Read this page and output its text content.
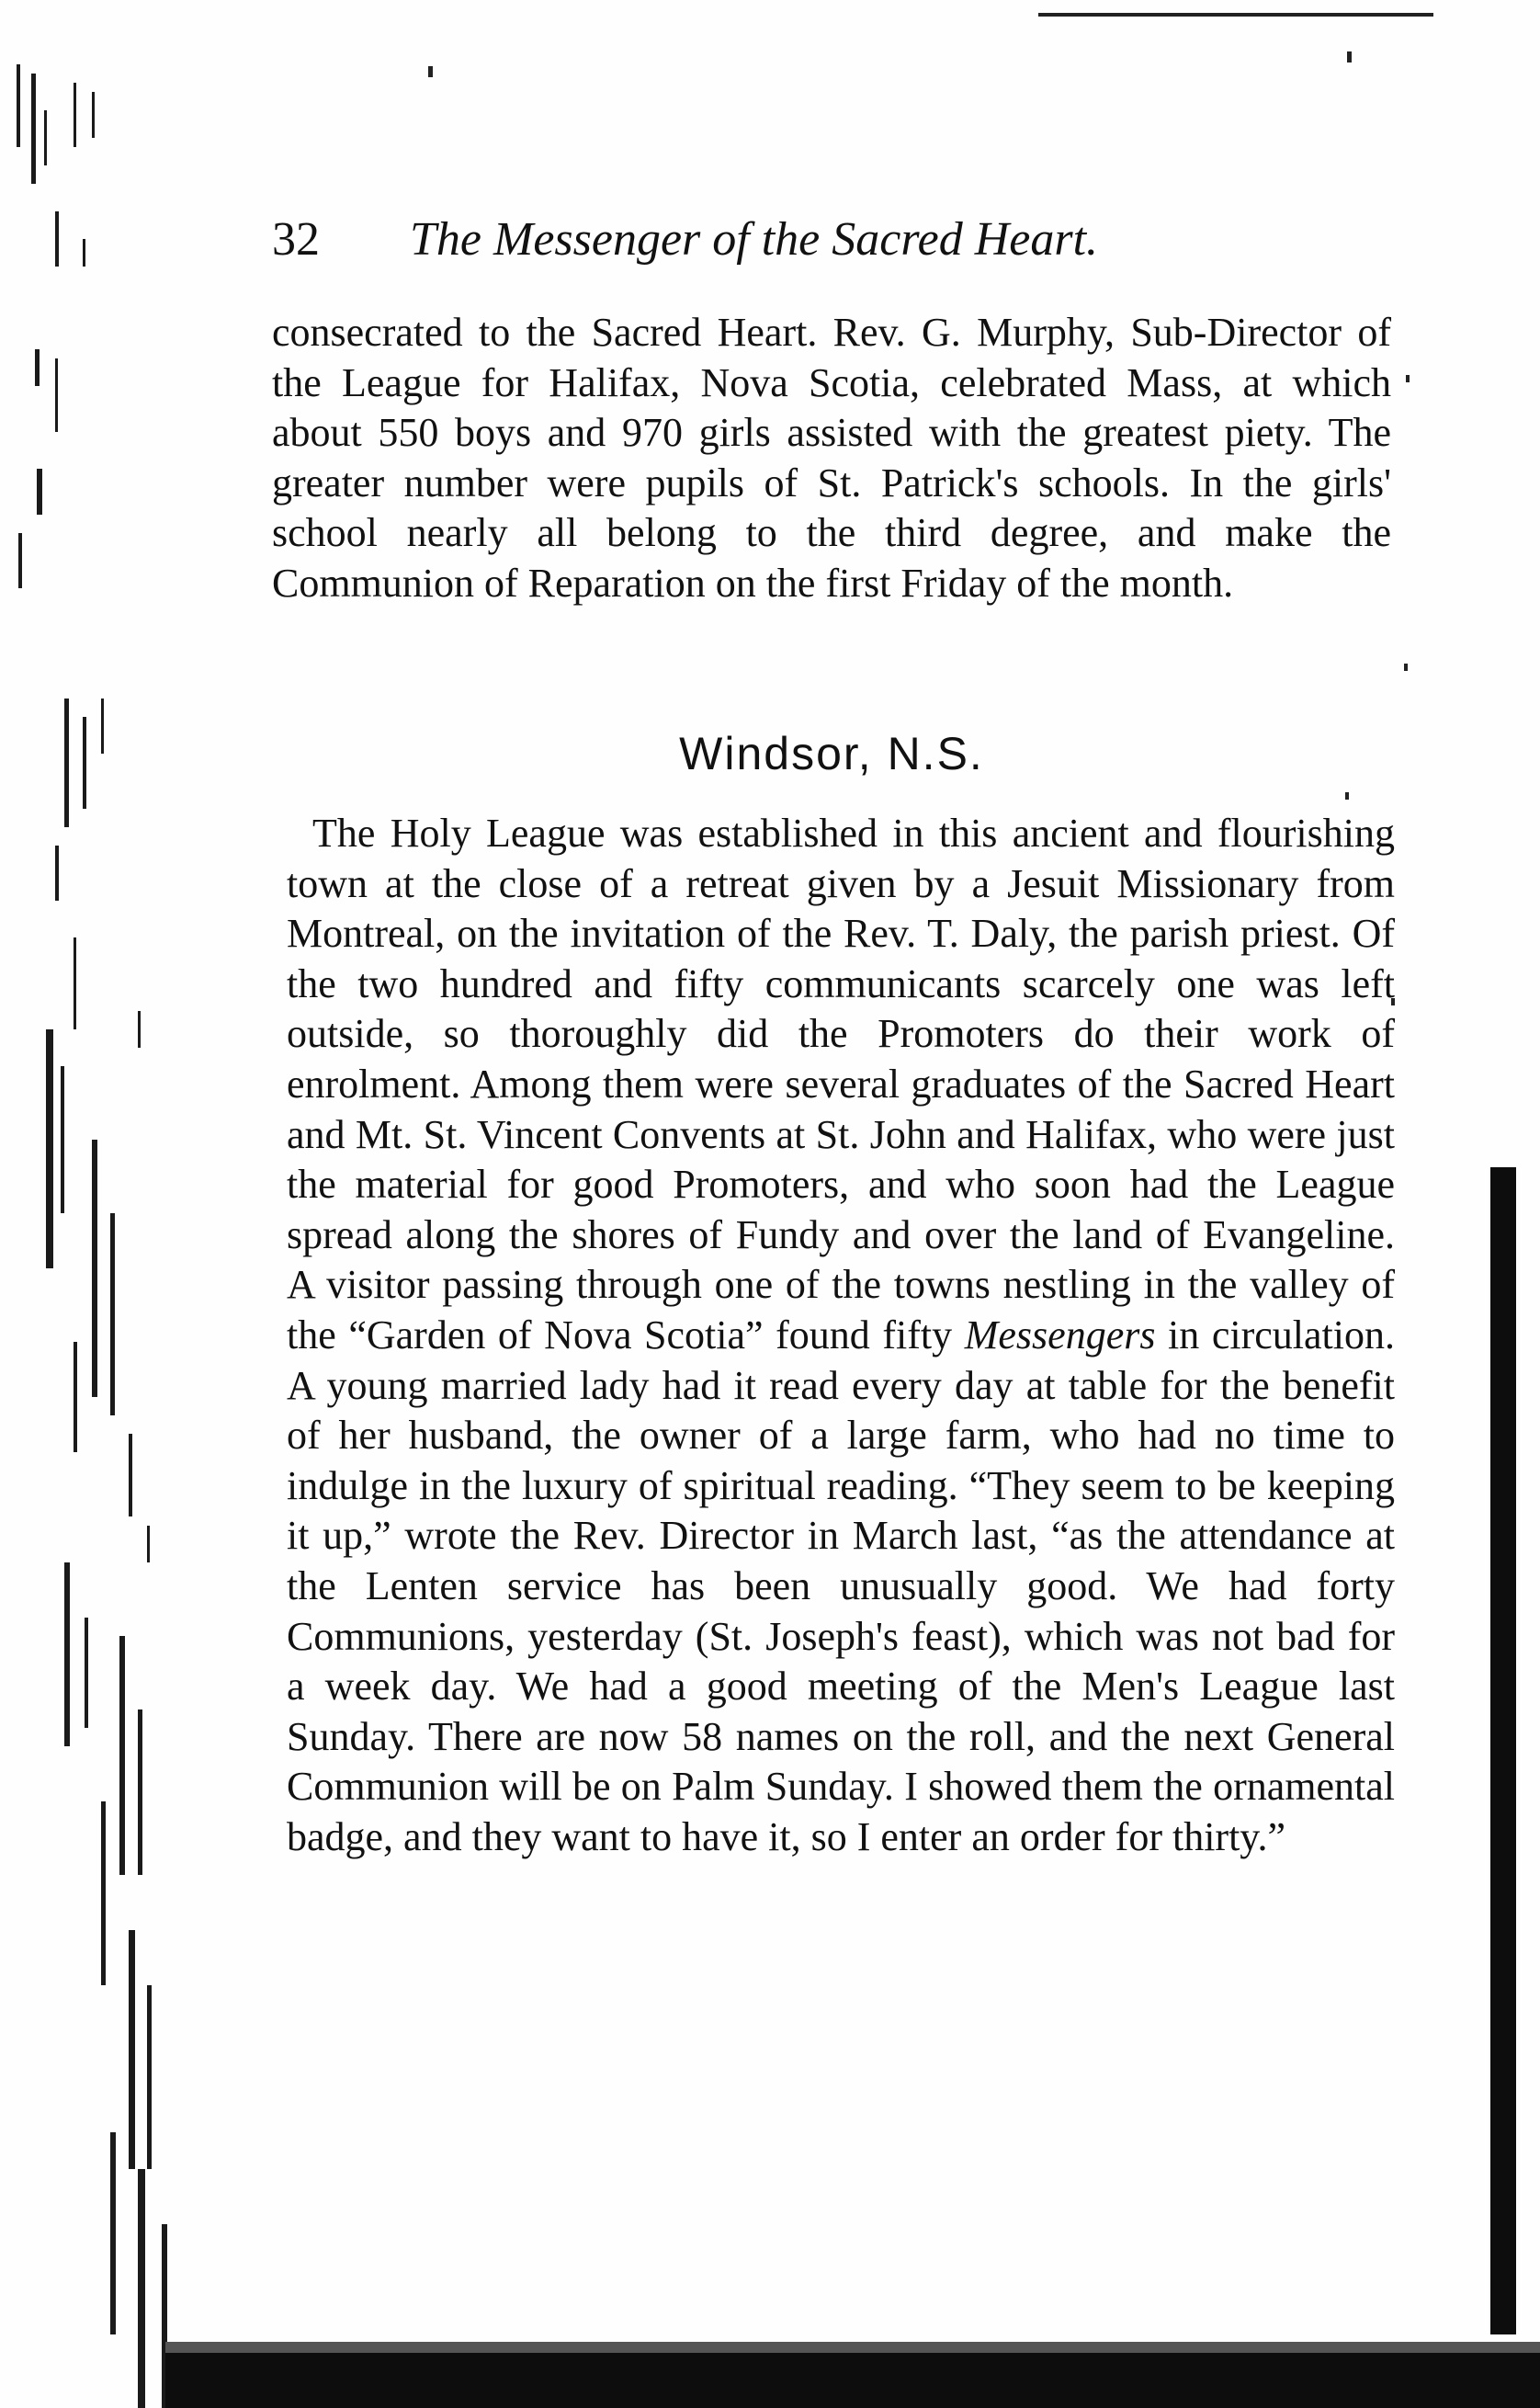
32 The Messenger of the Sacred Heart.

consecrated to the Sacred Heart. Rev. G. Murphy, Sub-Director of the League for Halifax, Nova Scotia, celebrated Mass, at which about 550 boys and 970 girls assisted with the greatest piety. The greater number were pupils of St. Patrick's schools. In the girls' school nearly all belong to the third degree, and make the Communion of Reparation on the first Friday of the month.

Windsor, N.S.

The Holy League was established in this ancient and flourishing town at the close of a retreat given by a Jesuit Missionary from Montreal, on the invitation of the Rev. T. Daly, the parish priest. Of the two hundred and fifty communicants scarcely one was left outside, so thoroughly did the Promoters do their work of enrolment. Among them were several graduates of the Sacred Heart and Mt. St. Vincent Convents at St. John and Halifax, who were just the material for good Promoters, and who soon had the League spread along the shores of Fundy and over the land of Evangeline. A visitor passing through one of the towns nestling in the valley of the “Garden of Nova Scotia” found fifty Messengers in circulation. A young married lady had it read every day at table for the benefit of her husband, the owner of a large farm, who had no time to indulge in the luxury of spiritual reading. “They seem to be keeping it up,” wrote the Rev. Director in March last, “as the attendance at the Lenten service has been unusually good. We had forty Communions, yesterday (St. Joseph's feast), which was not bad for a week day. We had a good meeting of the Men's League last Sunday. There are now 58 names on the roll, and the next General Communion will be on Palm Sunday. I showed them the ornamental badge, and they want to have it, so I enter an order for thirty.”
